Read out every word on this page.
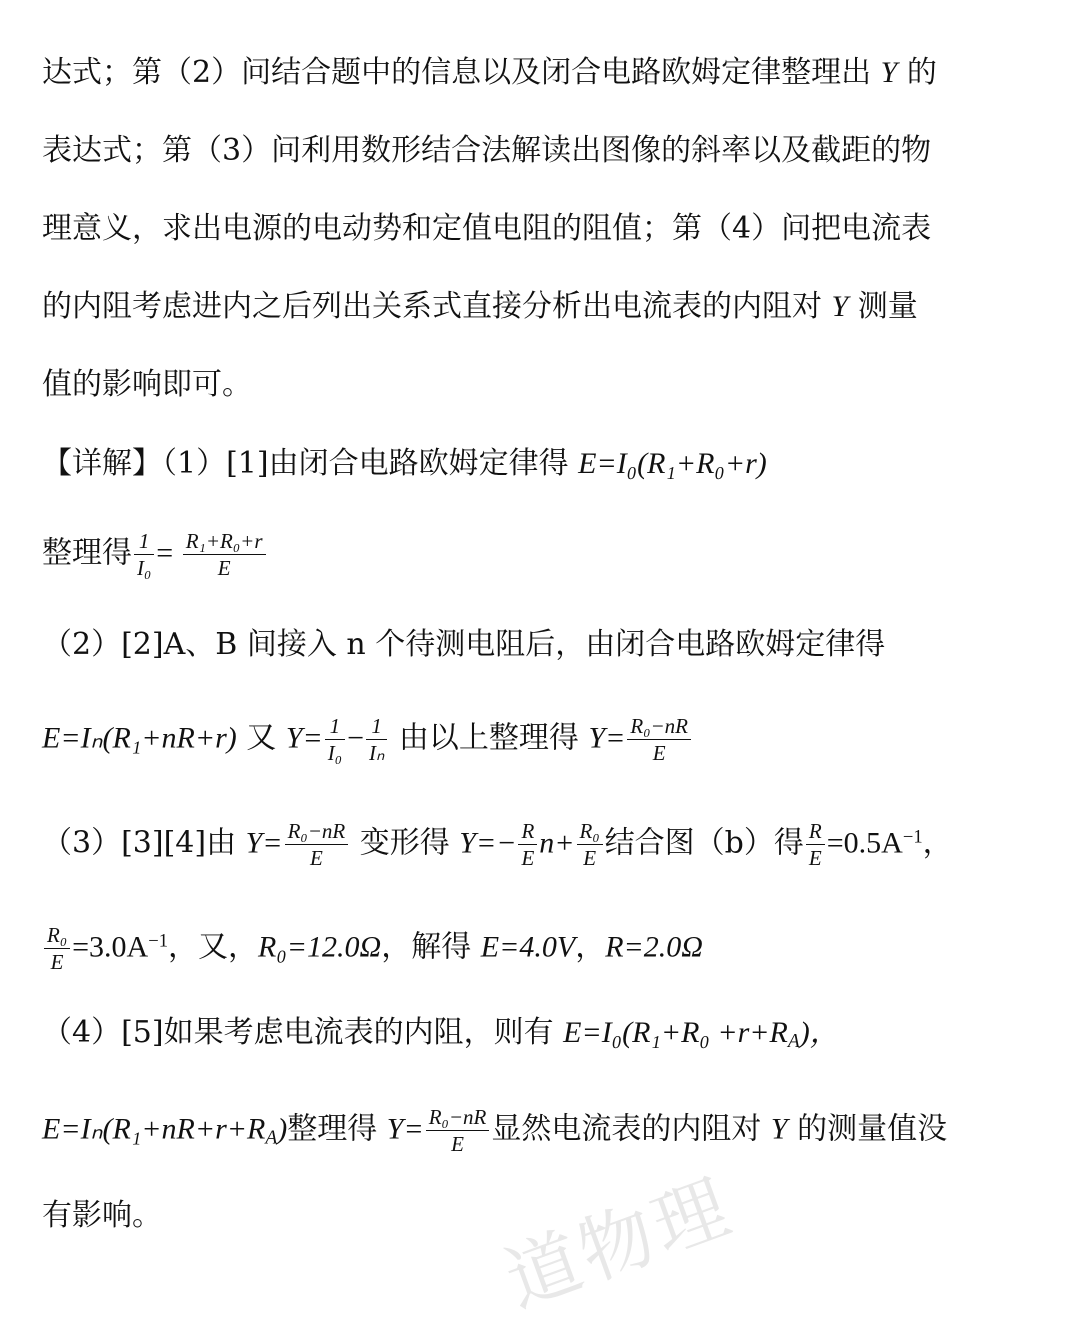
达式；第（2）问结合题中的信息以及闭合电路欧姆定律整理出 Y 的
表达式；第（3）问利用数形结合法解读出图像的斜率以及截距的物
理意义，求出电源的电动势和定值电阻的阻值；第（4）问把电流表
的内阻考虑进内之后列出关系式直接分析出电流表的内阻对 Y 测量
值的影响即可。
【详解】（1）[1]由闭合电路欧姆定律得 E=I₀(R₁+R₀+r)
整理得 $\frac{1}{\text{I₀}} = \frac{\text{R₁+R₀+r}}{E}$
（2）[2]A、B 间接入 n 个待测电阻后，由闭合电路欧姆定律得
E=Iₙ(R₁+nR+r) 又 $Y= \frac{1}{\text{I₀}} - \frac{1}{\text{Iₙ}}$ 由以上整理得 $Y= \frac{\text{R₀−nR}}{E}$
（3）[3][4]由 $Y= \frac{\text{R₀−nR}}{E}$ 变形得 $Y=- \frac{R}{E} n+ \frac{\text{R₀}}{E}$ 结合图（b）得 $\frac{R}{E} =0.5A^{-1}$，
$\frac{\text{R₀}}{E} =3.0A^{-1}$，又，R₀=12.0Ω，解得 E=4.0V，R=2.0Ω
（4）[5]如果考虑电流表的内阻，则有 $E=I_0(R_1+R_0 +r+R_A)$，
$E=I_n(R_1+nR+r+R_A)$整理得 $Y= \frac{\text{R₀−nR}}{E}$ 显然电流表的内阻对 Y 的测量值没
有影响。	道物理
